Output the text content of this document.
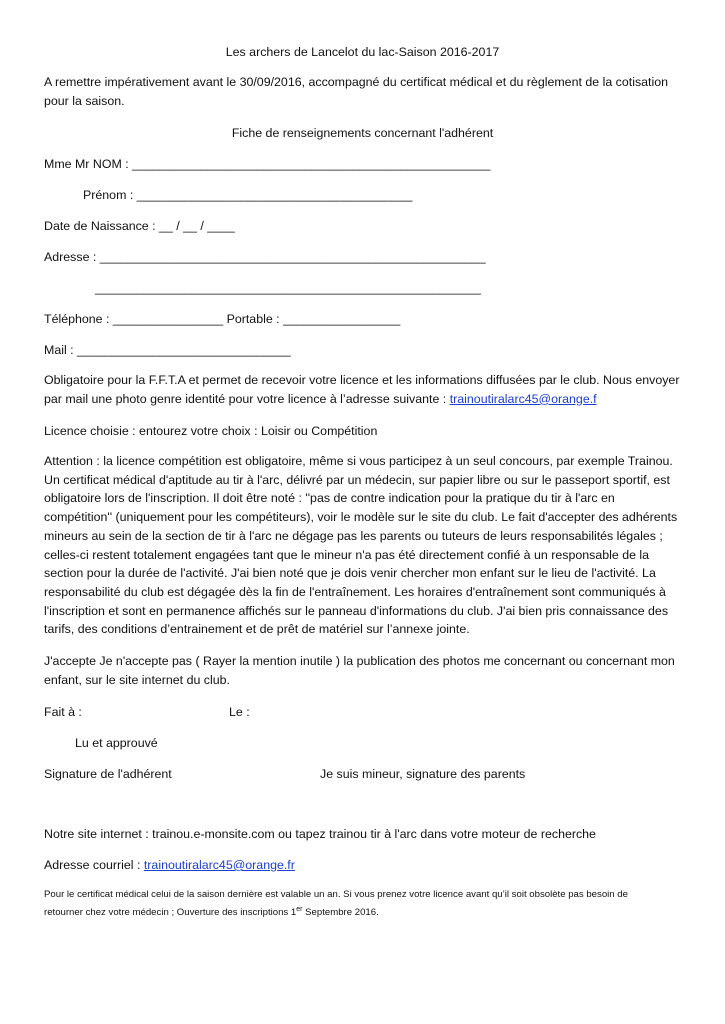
Les archers de Lancelot du lac-Saison 2016-2017
A remettre impérativement avant le 30/09/2016, accompagné du certificat médical et du règlement de la cotisation
pour la saison.
Fiche de renseignements concernant l'adhérent
Mme Mr NOM : ____________________________________________________
Prénom : ________________________________________
Date de Naissance : __ / __ / ____
Adresse : ________________________________________________________
________________________________________________________
Téléphone : ________________ Portable : _________________
Mail : _______________________________
Obligatoire pour la F.F.T.A et permet de recevoir votre licence et les informations diffusées par le club. Nous envoyer
par mail une photo genre identité pour votre licence à l’adresse suivante : trainoutiralarc45@orange.f
Licence choisie : entourez votre choix : Loisir ou Compétition
Attention : la licence compétition est obligatoire, même si vous participez à un seul concours, par exemple Trainou.
Un certificat médical d'aptitude au tir à l'arc, délivré par un médecin, sur papier libre ou sur le passeport sportif, est
obligatoire lors de l'inscription. Il doit être noté : ''pas de contre indication pour la pratique du tir à l'arc en
compétition'' (uniquement pour les compétiteurs), voir le modèle sur le site du club. Le fait d'accepter des adhérents
mineurs au sein de la section de tir à l'arc ne dégage pas les parents ou tuteurs de leurs responsabilités légales ;
celles-ci restent totalement engagées tant que le mineur n'a pas été directement confié à un responsable de la
section pour la durée de l'activité. J'ai bien noté que je dois venir chercher mon enfant sur le lieu de l'activité. La
responsabilité du club est dégagée dès la fin de l'entraînement. Les horaires d'entraînement sont communiqués à
l'inscription et sont en permanence affichés sur le panneau d'informations du club. J'ai bien pris connaissance des
tarifs, des conditions d’entrainement et de prêt de matériel sur l’annexe jointe.
J'accepte Je n'accepte pas ( Rayer la mention inutile ) la publication des photos me concernant ou concernant mon
enfant, sur le site internet du club.
Fait à :	Le :
Lu et approuvé
Signature de l'adhérent	Je suis mineur, signature des parents
Notre site internet : trainou.e-monsite.com ou tapez trainou tir à l'arc dans votre moteur de recherche
Adresse courriel : trainoutiralarc45@orange.fr
Pour le certificat médical celui de la saison dernière est valable un an. Si vous prenez votre licence avant qu’il soit obsolète pas besoin de
retourner chez votre médecin ; Ouverture des inscriptions 1er Septembre 2016.
